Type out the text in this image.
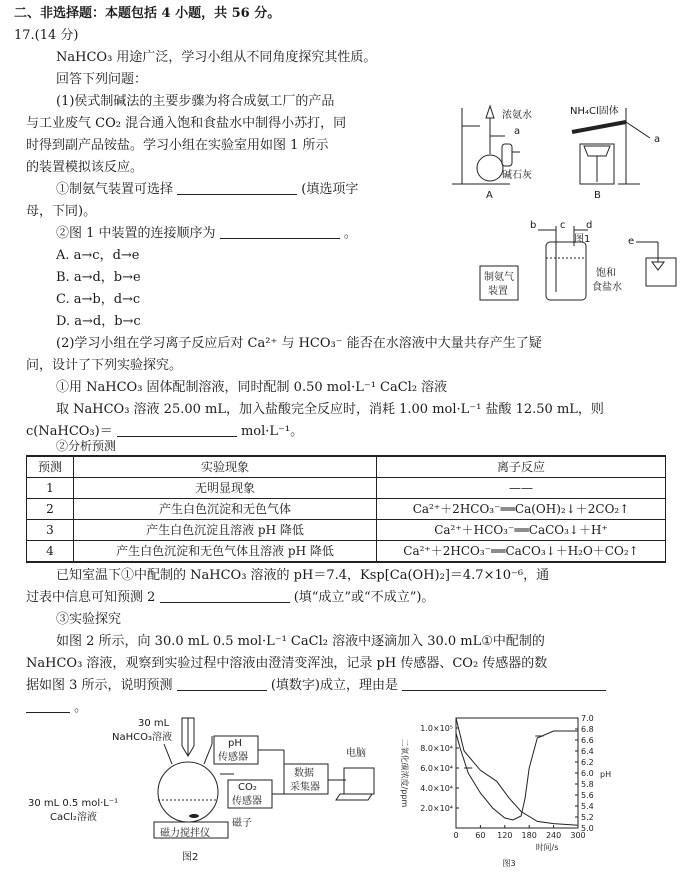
二、非选择题：本题包括 4 小题，共 56 分。
17.(14 分)
NaHCO₃ 用途广泛，学习小组从不同角度探究其性质。
回答下列问题：
(1)侯式制碱法的主要步骤为将合成氨工厂的产品
与工业废气 CO₂ 混合通入饱和食盐水中制得小苏打，同
时得到副产品铵盐。学习小组在实验室用如图 1 所示
的装置模拟该反应。
①制氨气装置可选择	(填选项字
母，下同)。
②图 1 中装置的连接顺序为	。
A. a→c，d→e
B. a→d，b→e
C. a→b，d→c
D. a→d，b→c
(2)学习小组在学习离子反应后对 Ca²⁺ 与 HCO₃⁻ 能否在水溶液中大量共存产生了疑
问，设计了下列实验探究。
①用 NaHCO₃ 固体配制溶液，同时配制 0.50 mol·L⁻¹ CaCl₂ 溶液
取 NaHCO₃ 溶液 25.00 mL，加入盐酸完全反应时，消耗 1.00 mol·L⁻¹ 盐酸 12.50 mL，则
c(NaHCO₃)＝	mol·L⁻¹。
②分析预测
预测	实验现象	离子反应
1	无明显现象	——
2	产生白色沉淀和无色气体	Ca²⁺＋2HCO₃⁻══Ca(OH)₂↓＋2CO₂↑
3	产生白色沉淀且溶液 pH 降低	Ca²⁺＋HCO₃⁻══CaCO₃↓＋H⁺
4	产生白色沉淀和无色气体且溶液 pH 降低	Ca²⁺＋2HCO₃⁻══CaCO₃↓＋H₂O＋CO₂↑
已知室温下①中配制的 NaHCO₃ 溶液的 pH＝7.4，Ksp[Ca(OH)₂]＝4.7×10⁻⁶，通
过表中信息可知预测 2	(填“成立”或“不成立”)。
③实验探究
如图 2 所示，向 30.0 mL 0.5 mol·L⁻¹ CaCl₂ 溶液中逐滴加入 30.0 mL①中配制的
NaHCO₃ 溶液，观察到实验过程中溶液由澄清变浑浊，记录 pH 传感器、CO₂ 传感器的数
据如图 3 所示，说明预测	(填数字)成立，理由是
。
浓氨水
a
碱石灰
A
NH₄Cl固体
a
B
b c d
e
图1
制氨气
装置
饱和
食盐水
30 mL
NaHCO₃溶液
30 mL 0.5 mol·L⁻¹
CaCl₂溶液
pH
传感器
CO₂
传感器
数据
采集器
电脑
磁力搅拌仪
磁子
图2
0 60 120 180 240 300
2.0×10⁴
4.0×10⁴
6.0×10⁴
8.0×10⁴
1.0×10⁵
5.0
5.2
5.4
5.6
5.8
6.0
6.2
6.4
6.6
6.8
7.0
时间/s
二氧化碳浓度/ppm	pH
图3
